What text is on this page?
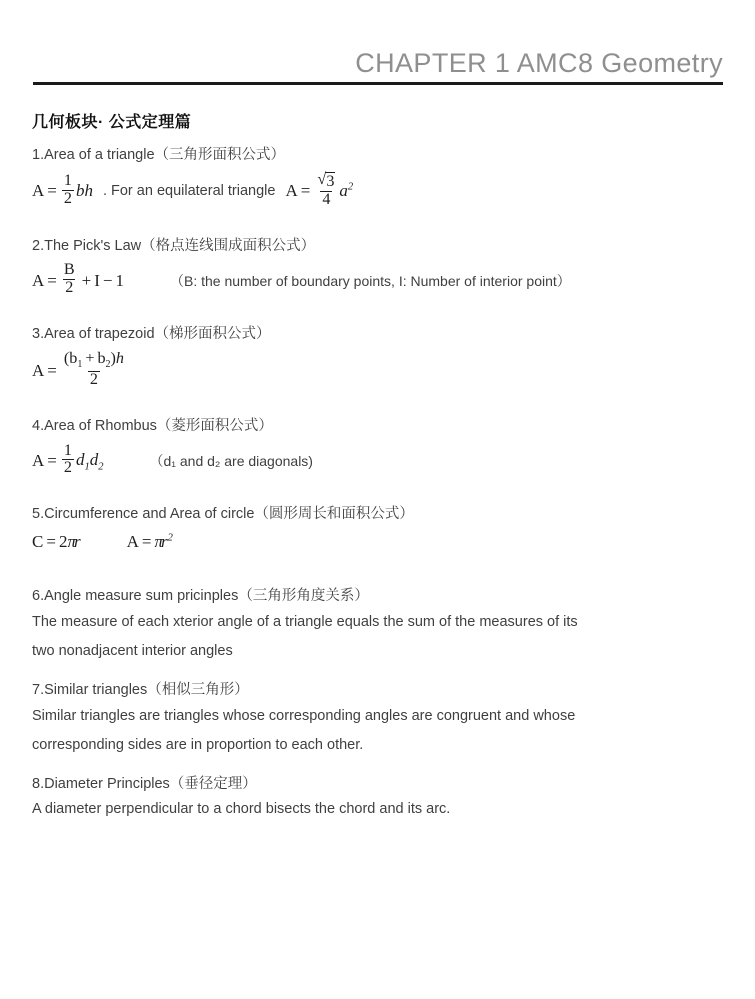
CHAPTER 1 AMC8 Geometry
几何板块· 公式定理篇
1.Area of a triangle（三角形面积公式）
$A = \frac{1}{2}$ bh . For an equilateral triangle A = √ $\frac{3}{4} a^2$
2.The Pick's Law（格点连线围成面积公式）
$A = \frac{B}{2} + I - 1$	（B: the number of boundary points, I: Number of interior point）
3.Area of trapezoid（梯形面积公式）
$A = \frac{(b_1 + b_2)h}{2}$
4.Area of Rhombus（菱形面积公式）
$A = \frac{1}{2} d_1$ $d_2$	（d₁ and d₂ are diagonals)
5.Circumference and Area of circle（圆形周长和面积公式）
C = 2 π r	A = π $r^2$
6.Angle measure sum pricinples（三角形角度关系）
The measure of each xterior angle of a triangle equals the sum of the measures of its
two nonadjacent interior angles
7.Similar triangles（相似三角形）
Similar triangles are triangles whose corresponding angles are congruent and whose
corresponding sides are in proportion to each other.
8.Diameter Principles（垂径定理）
A diameter perpendicular to a chord bisects the chord and its arc.
